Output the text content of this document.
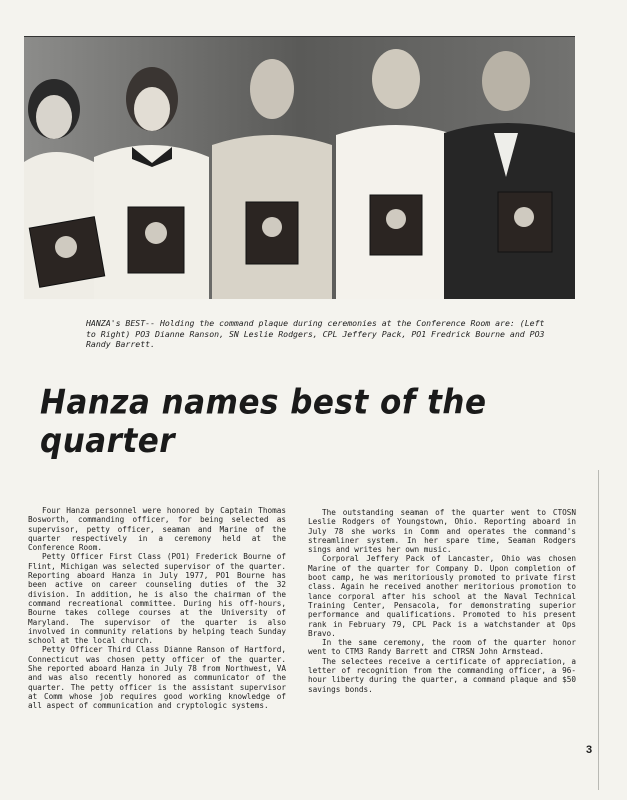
HANZA's BEST-- Holding the command plaque during ceremonies at the Conference Room are: (Left to Right) PO3 Dianne Ranson, SN Leslie Rodgers, CPL Jeffery Pack, PO1 Fredrick Bourne and PO3 Randy Barrett.
Hanza names best of the quarter

Four Hanza personnel were honored by Captain Thomas Bosworth, commanding officer, for being selected as supervisor, petty officer, seaman and Marine of the quarter respectively in a ceremony held at the Conference Room.

Petty Officer First Class (PO1) Frederick Bourne of Flint, Michigan was selected supervisor of the quarter. Reporting aboard Hanza in July 1977, PO1 Bourne has been active on career counseling duties of the 32 division. In addition, he is also the chairman of the command recreational committee. During his off-hours, Bourne takes college courses at the University of Maryland. The supervisor of the quarter is also involved in community relations by helping teach Sunday school at the local church.

Petty Officer Third Class Dianne Ranson of Hartford, Connecticut was chosen petty officer of the quarter. She reported aboard Hanza in July 78 from Northwest, VA and was also recently honored as communicator of the quarter. The petty officer is the assistant supervisor at Comm whose job requires good working knowledge of all aspect of communication and cryptologic systems.

The outstanding seaman of the quarter went to CTOSN Leslie Rodgers of Youngstown, Ohio. Reporting aboard in July 78 she works in Comm and operates the command's streamliner system. In her spare time, Seaman Rodgers sings and writes her own music.

Corporal Jeffery Pack of Lancaster, Ohio was chosen Marine of the quarter for Company D. Upon completion of boot camp, he was meritoriously promoted to private first class. Again he received another meritorious promotion to lance corporal after his school at the Naval Technical Training Center, Pensacola, for demonstrating superior performance and qualifications. Promoted to his present rank in February 79, CPL Pack is a watchstander at Ops Bravo.

In the same ceremony, the room of the quarter honor went to CTM3 Randy Barrett and CTRSN John Armstead.

The selectees receive a certificate of appreciation, a letter of recognition from the commanding officer, a 96-hour liberty during the quarter, a command plaque and $50 savings bonds.

3
